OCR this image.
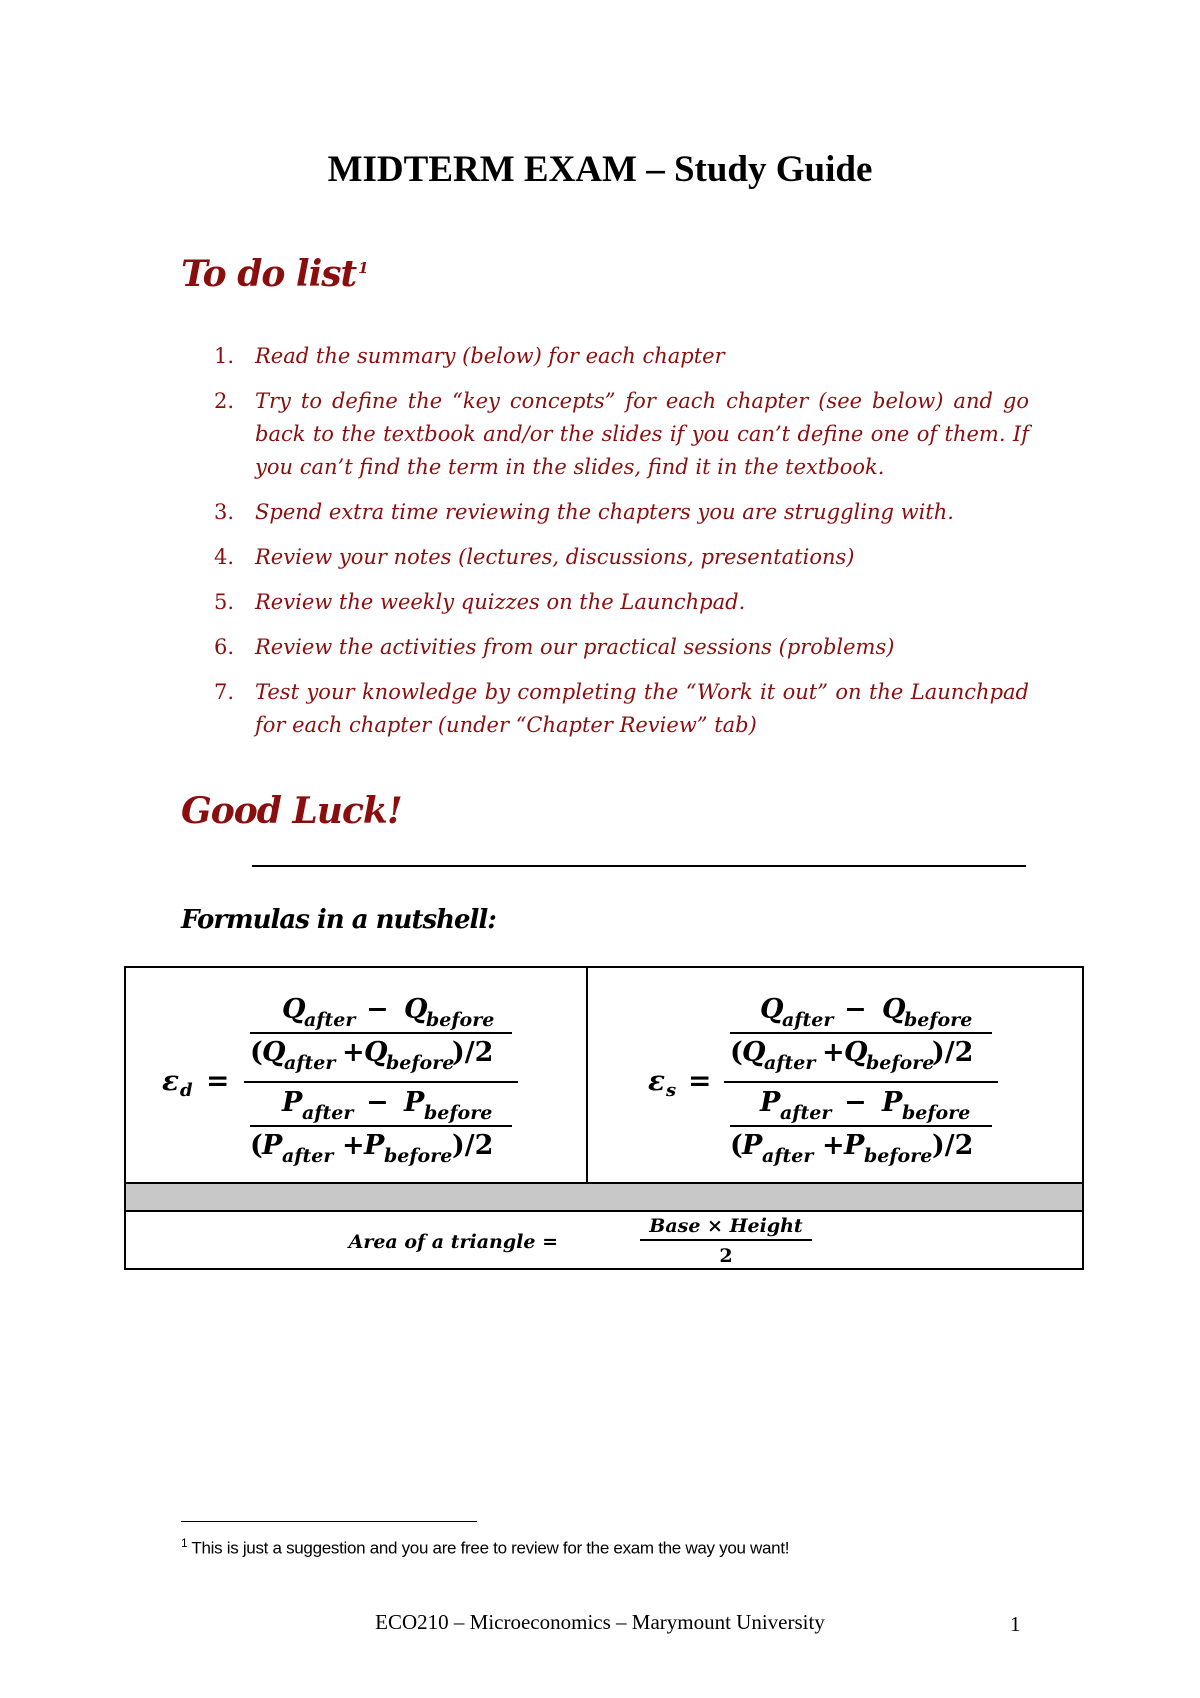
MIDTERM EXAM – Study Guide
To do list $^1$
1. Read the summary (below) for each chapter
2. Try to define the “key concepts” for each chapter (see below) and go back to the textbook and/or the slides if you can’t define one of them. If you can’t find the term in the slides, find it in the textbook.
3. Spend extra time reviewing the chapters you are struggling with.
4. Review your notes (lectures, discussions, presentations)
5. Review the weekly quizzes on the Launchpad.
6. Review the activities from our practical sessions (problems)
7. Test your knowledge by completing the “Work it out” on the Launchpad for each chapter (under “Chapter Review” tab)
Good Luck!
Formulas in a nutshell:
ε d =
Q
after − Q
before
( Q
after + Q
before
)/2
P after − P before
( P after + P before )/2
ε s =
Q
after − Q
before
( Q
after + Q
before
)/2
P after − P before
( P after + P before )/2
Area of a triangle =
Base × Height
2
$^1$ This is just a suggestion and you are free to review for the exam the way you want!
ECO210 – Microeconomics – Marymount University	1
